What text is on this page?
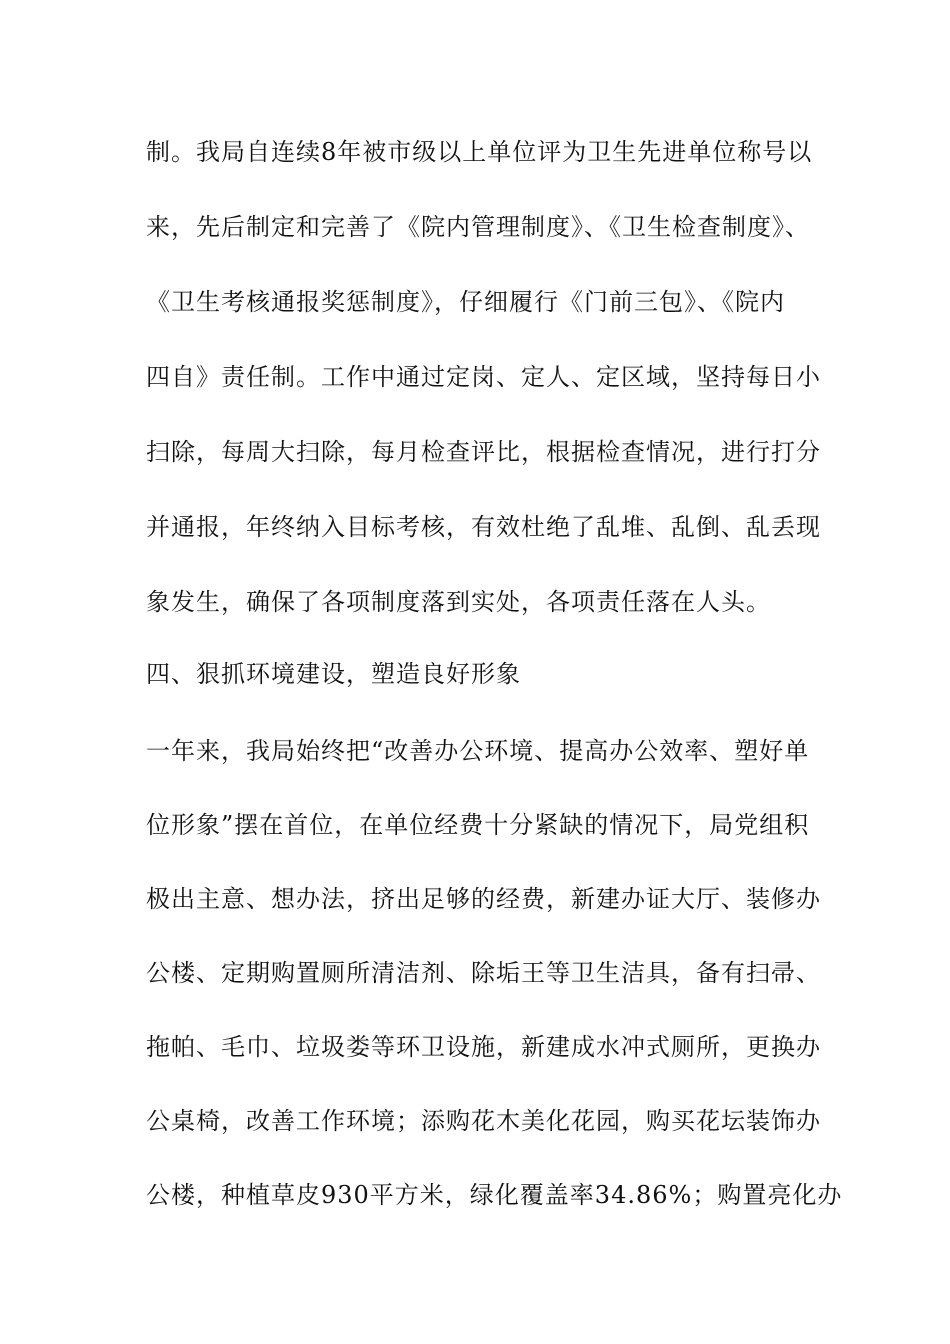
制。我局自连续8年被市级以上单位评为卫生先进单位称号以
来，先后制定和完善了《院内管理制度》、《卫生检查制度》、
《卫生考核通报奖惩制度》，仔细履行《门前三包》、《院内
四自》责任制。工作中通过定岗、定人、定区域，坚持每日小
扫除，每周大扫除，每月检查评比，根据检查情况，进行打分
并通报，年终纳入目标考核，有效杜绝了乱堆、乱倒、乱丢现
象发生，确保了各项制度落到实处，各项责任落在人头。
四、狠抓环境建设，塑造良好形象
一年来，我局始终把“改善办公环境、提高办公效率、塑好单
位形象”摆在首位，在单位经费十分紧缺的情况下，局党组积
极出主意、想办法，挤出足够的经费，新建办证大厅、装修办
公楼、定期购置厕所清洁剂、除垢王等卫生洁具，备有扫帚、
拖帕、毛巾、垃圾娄等环卫设施，新建成水冲式厕所，更换办
公桌椅，改善工作环境；添购花木美化花园，购买花坛装饰办
公楼，种植草皮930平方米，绿化覆盖率34.86%；购置亮化办
